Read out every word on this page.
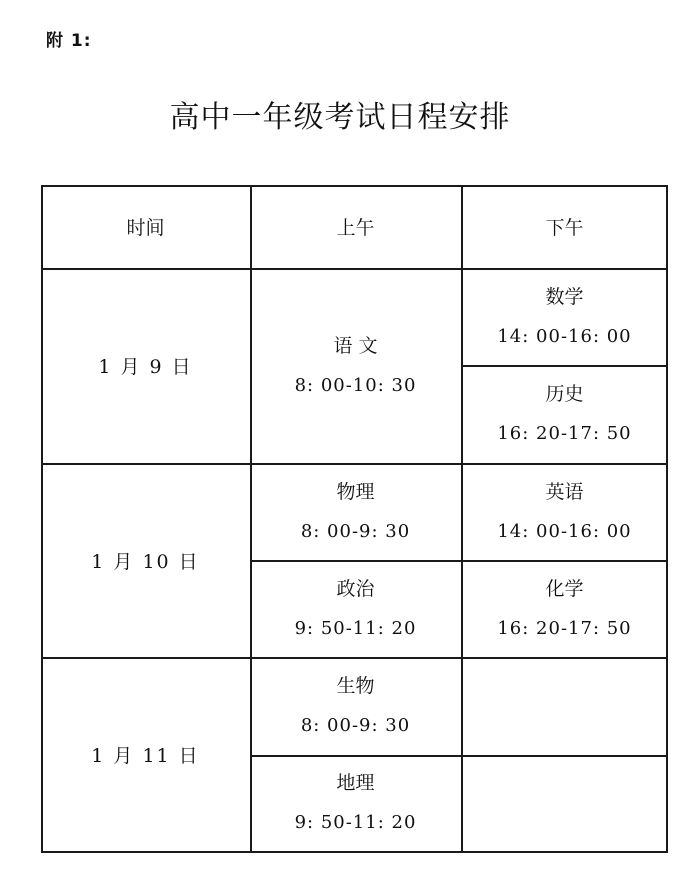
附 1:
高中一年级考试日程安排
时间	上午	下午
1 月 9 日
语 文
8: 00-10: 30
数学
14: 00-16: 00
历史
16: 20-17: 50
1 月 10 日
物理
8: 00-9: 30
政治
9: 50-11: 20
英语
14: 00-16: 00
化学
16: 20-17: 50
1 月 11 日
生物
8: 00-9: 30
地理
9: 50-11: 20
